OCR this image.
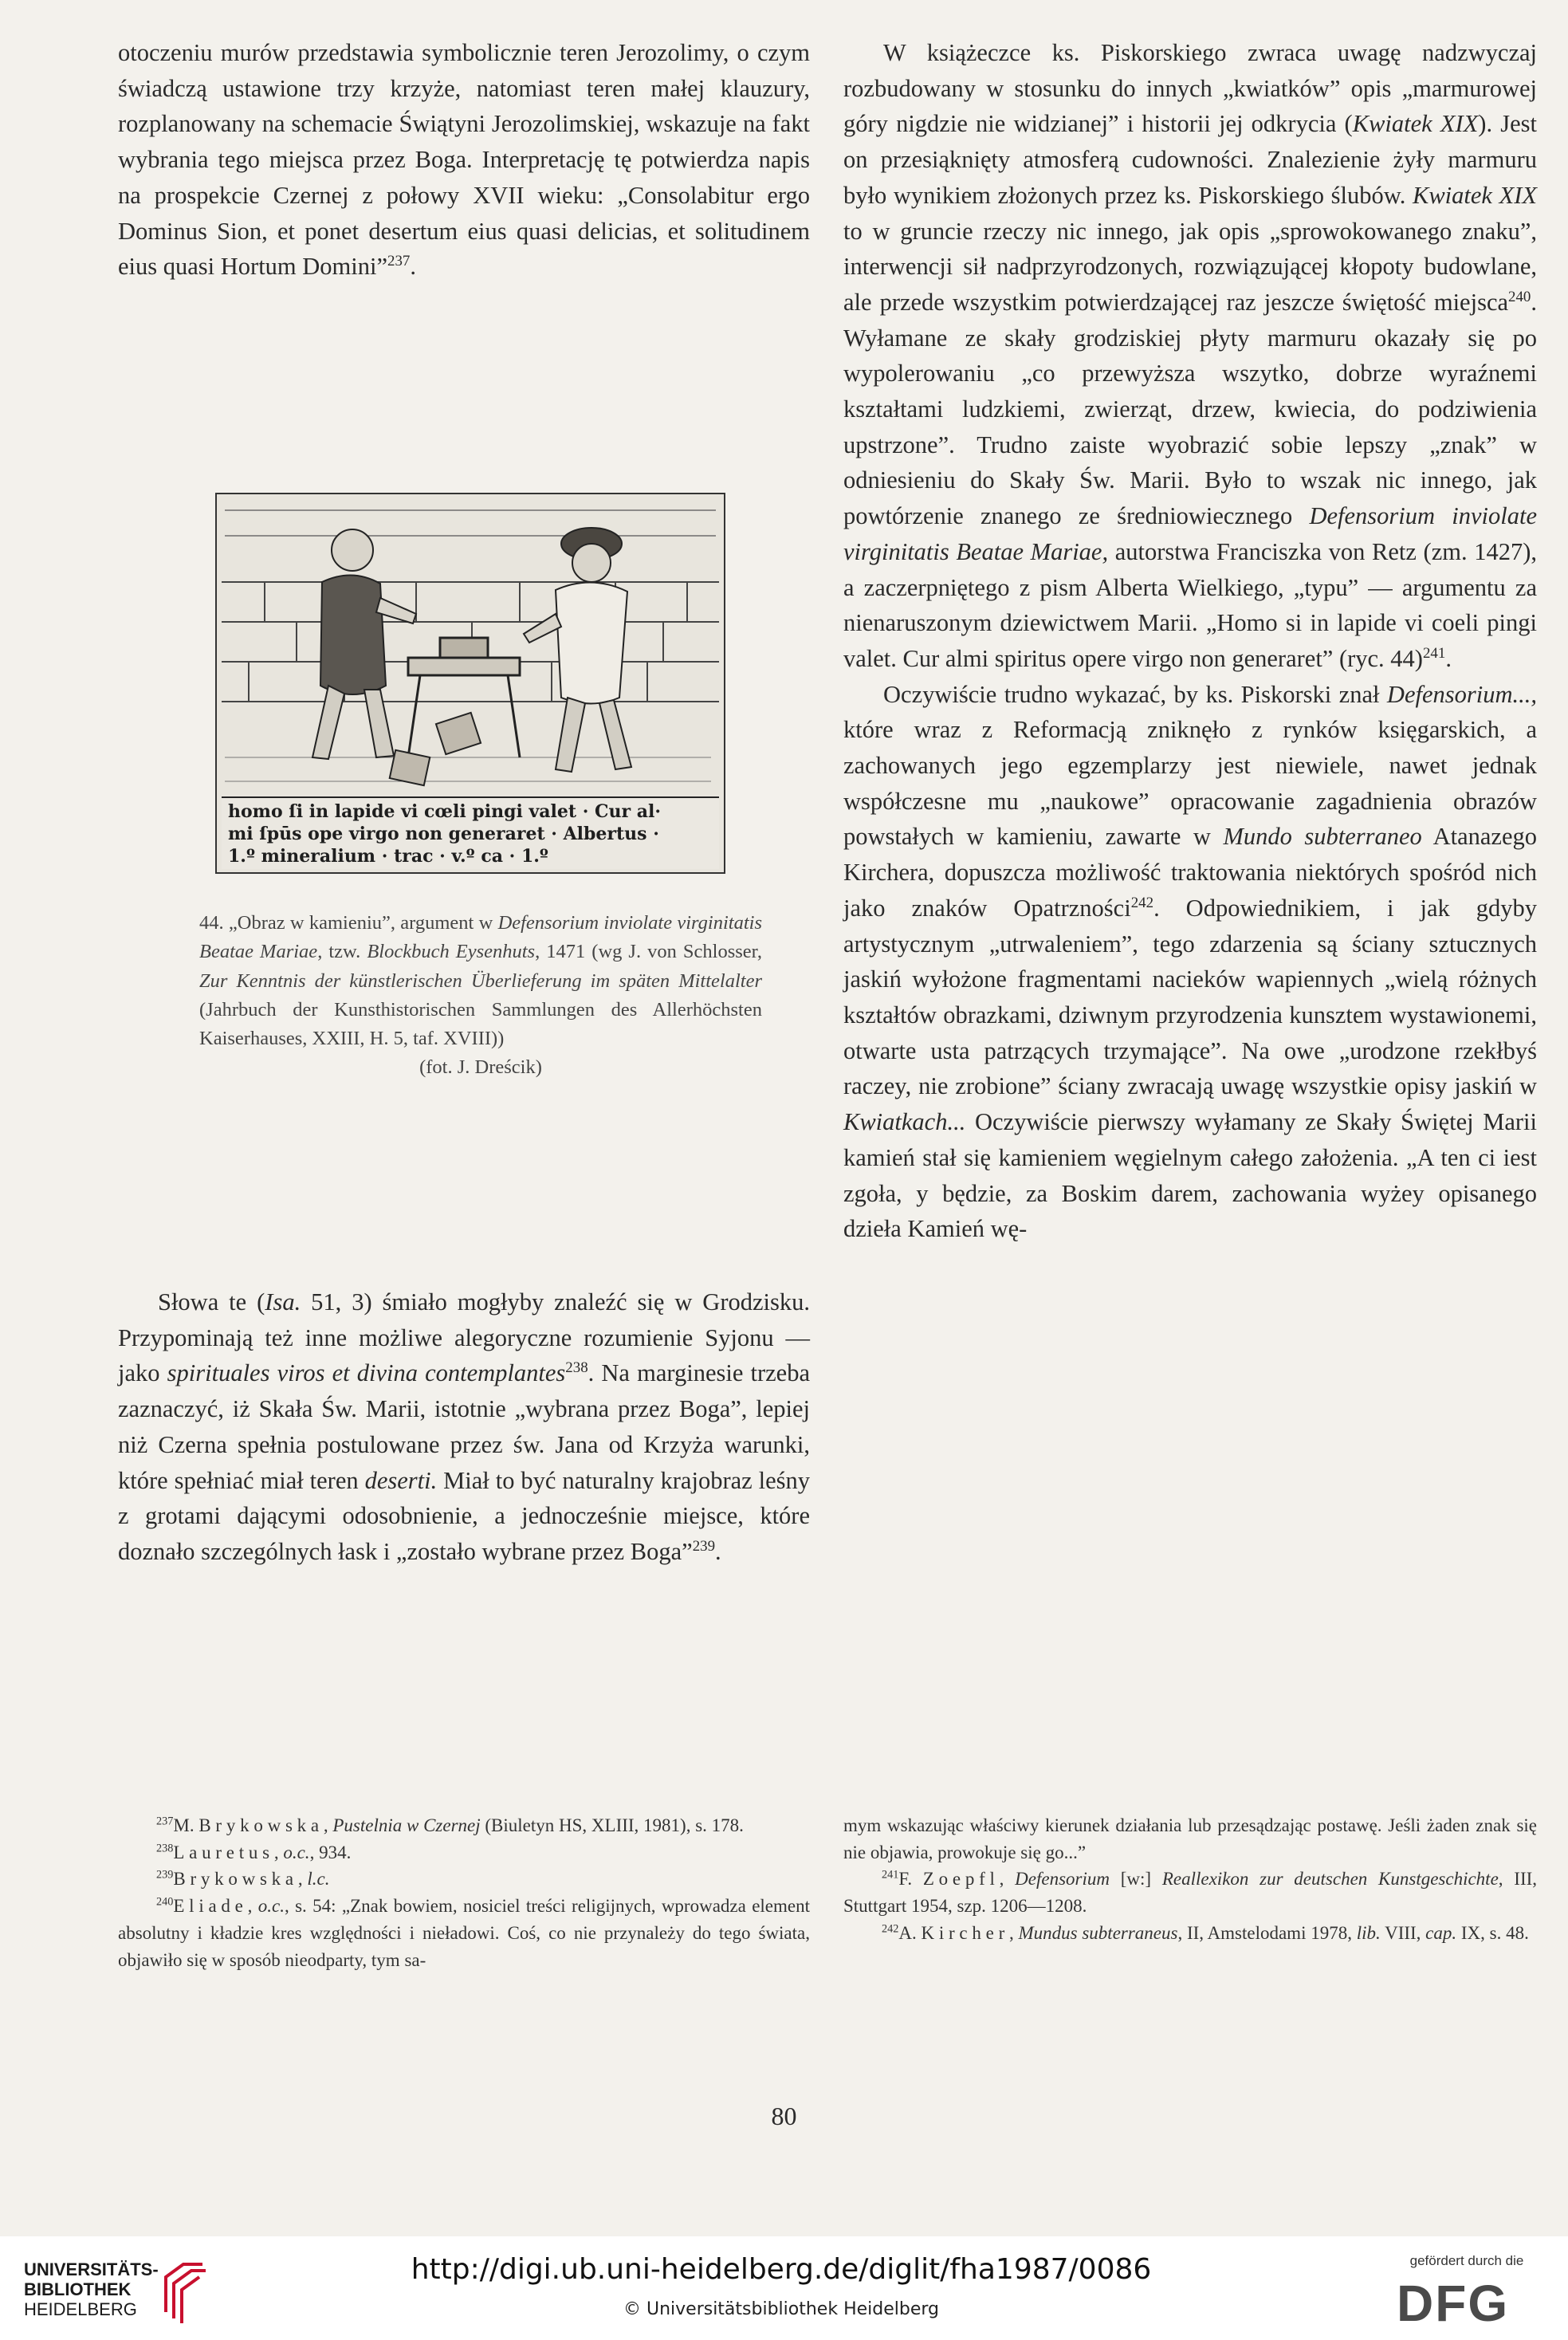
otoczeniu murów przedstawia symbolicznie teren Jerozolimy, o czym świadczą ustawione trzy krzyże, natomiast teren małej klauzury, rozplanowany na schemacie Świątyni Jerozolimskiej, wskazuje na fakt wybrania tego miejsca przez Boga. Interpretację tę potwierdza napis na prospekcie Czernej z połowy XVII wieku: „Consolabitur ergo Dominus Sion, et ponet desertum eius quasi delicias, et solitudinem eius quasi Hortum Domini”$^{237}$.

homo ſi in lapide vi cœli pingi valet · Cur al·
mi ſpūs ope virgo non generaret · Albertus ·
1.º mineralium · trac · v.º ca · 1.º
44. „Obraz w kamieniu”, argument w Defensorium inviolate virginitatis Beatae Mariae, tzw. Blockbuch Eysenhuts, 1471 (wg J. von Schlosser, Zur Kenntnis der künstlerischen Überlieferung im späten Mittelalter (Jahrbuch der Kunsthistorischen Sammlungen des Allerhöchsten Kaiserhauses, XXIII, H. 5, taf. XVIII))
(fot. J. Dreścik)

Słowa te (Isa. 51, 3) śmiało mogłyby znaleźć się w Grodzisku. Przypominają też inne możliwe alegoryczne rozumienie Syjonu — jako spirituales viros et divina contemplantes$^{238}$. Na marginesie trzeba zaznaczyć, iż Skała Św. Marii, istotnie „wybrana przez Boga”, lepiej niż Czerna spełnia postulowane przez św. Jana od Krzyża warunki, które spełniać miał teren deserti. Miał to być naturalny krajobraz leśny z grotami dającymi odosobnienie, a jednocześnie miejsce, które doznało szczególnych łask i „zostało wybrane przez Boga”$^{239}$.

W książeczce ks. Piskorskiego zwraca uwagę nadzwyczaj rozbudowany w stosunku do innych „kwiatków” opis „marmurowej góry nigdzie nie widzianej” i historii jej odkrycia (Kwiatek XIX). Jest on przesiąknięty atmosferą cudowności. Znalezienie żyły marmuru było wynikiem złożonych przez ks. Piskorskiego ślubów. Kwiatek XIX to w gruncie rzeczy nic innego, jak opis „sprowokowanego znaku”, interwencji sił nadprzyrodzonych, rozwiązującej kłopoty budowlane, ale przede wszystkim potwierdzającej raz jeszcze świętość miejsca$^{240}$. Wyłamane ze skały grodziskiej płyty marmuru okazały się po wypolerowaniu „co przewyższa wszytko, dobrze wyraźnemi kształtami ludzkiemi, zwierząt, drzew, kwiecia, do podziwienia upstrzone”. Trudno zaiste wyobrazić sobie lepszy „znak” w odniesieniu do Skały Św. Marii. Było to wszak nic innego, jak powtórzenie znanego ze średniowiecznego Defensorium inviolate virginitatis Beatae Mariae, autorstwa Franciszka von Retz (zm. 1427), a zaczerpniętego z pism Alberta Wielkiego, „typu” — argumentu za nienaruszonym dziewictwem Marii. „Homo si in lapide vi coeli pingi valet. Cur almi spiritus opere virgo non generaret” (ryc. 44)$^{241}$.

Oczywiście trudno wykazać, by ks. Piskorski znał Defensorium..., które wraz z Reformacją zniknęło z rynków księgarskich, a zachowanych jego egzemplarzy jest niewiele, nawet jednak współczesne mu „naukowe” opracowanie zagadnienia obrazów powstałych w kamieniu, zawarte w Mundo subterraneo Atanazego Kirchera, dopuszcza możliwość traktowania niektórych spośród nich jako znaków Opatrzności$^{242}$. Odpowiednikiem, i jak gdyby artystycznym „utrwaleniem”, tego zdarzenia są ściany sztucznych jaskiń wyłożone fragmentami nacieków wapiennych „wielą różnych kształtów obrazkami, dziwnym przyrodzenia kunsztem wystawionemi, otwarte usta patrzących trzymające”. Na owe „urodzone rzekłbyś raczey, nie zrobione” ściany zwracają uwagę wszystkie opisy jaskiń w Kwiatkach... Oczywiście pierwszy wyłamany ze Skały Świętej Marii kamień stał się kamieniem węgielnym całego założenia. „A ten ci iest zgoła, y będzie, za Boskim darem, zachowania wyżey opisanego dzieła Kamień wę-

$^{237}$M. Brykowska, Pustelnia w Czernej (Biuletyn HS, XLIII, 1981), s. 178.

$^{238}$Lauretus, o.c., 934.

$^{239}$Brykowska, l.c.

$^{240}$Eliade, o.c., s. 54: „Znak bowiem, nosiciel treści religijnych, wprowadza element absolutny i kładzie kres względności i nieładowi. Coś, co nie przynależy do tego świata, objawiło się w sposób nieodparty, tym sa-

mym wskazując właściwy kierunek działania lub przesądzając postawę. Jeśli żaden znak się nie objawia, prowokuje się go...”

$^{241}$F. Zoepfl, Defensorium [w:] Reallexikon zur deutschen Kunstgeschichte, III, Stuttgart 1954, szp. 1206—1208.

$^{242}$A. Kircher, Mundus subterraneus, II, Amstelodami 1978, lib. VIII, cap. IX, s. 48.

80
UNIVERSITÄTS-
BIBLIOTHEK
HEIDELBERG
http://digi.ub.uni-heidelberg.de/diglit/fha1987/0086
© Universitätsbibliothek Heidelberg
gefördert durch die
DFG
